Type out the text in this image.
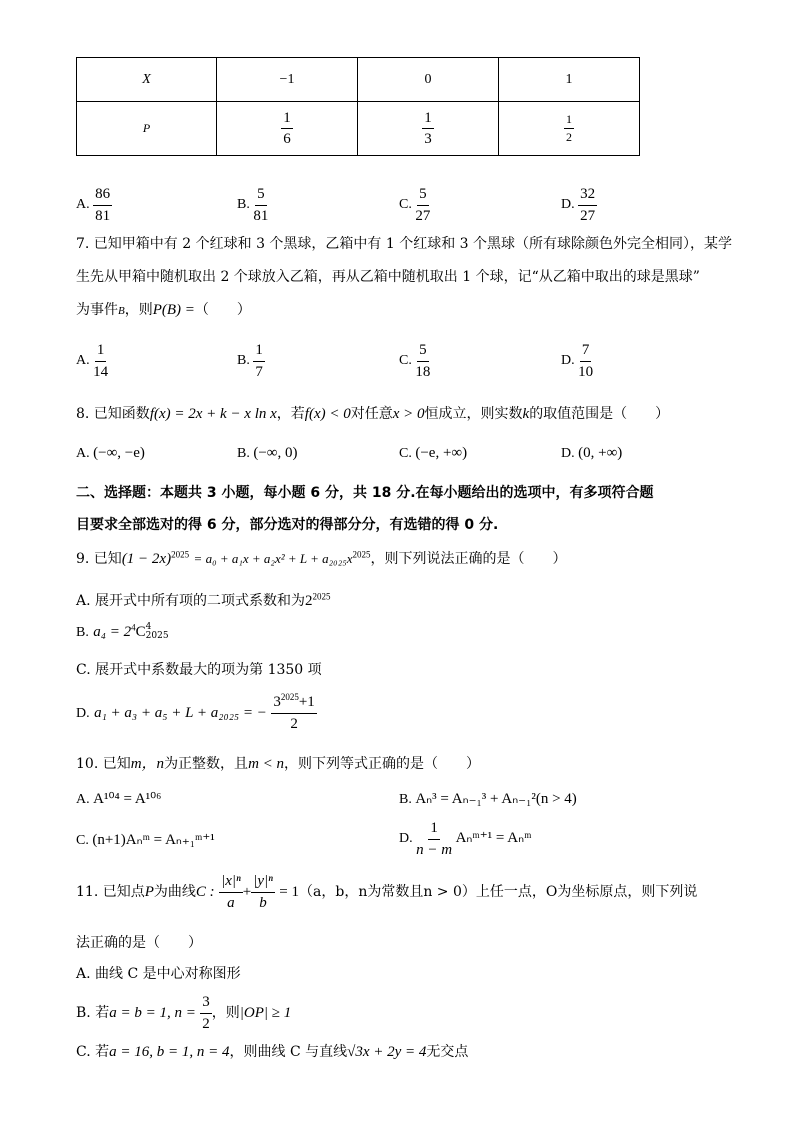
X	−1	0	1
P	$\frac{1}{6}$	$\frac{1}{3}$	$\frac{1}{2}$
A. $\frac{86}{81}$	B. $\frac{5}{81}$	C. $\frac{5}{27}$	D. $\frac{32}{27}$
7. 已知甲箱中有 2 个红球和 3 个黑球，乙箱中有 1 个红球和 3 个黑球（所有球除颜色外完全相同），某学
生先从甲箱中随机取出 2 个球放入乙箱，再从乙箱中随机取出 1 个球，记“从乙箱中取出的球是黑球”
为事件B，则P(B) =（　　）
A. $\frac{1}{14}$	B. $\frac{1}{7}$	C. $\frac{5}{18}$	D. $\frac{7}{10}$
8. 已知函数f(x) = 2x + k − x ln x，若f(x) < 0对任意x > 0恒成立，则实数k的取值范围是（　　）
A. (−∞, −e)	B. (−∞, 0)	C. (−e, +∞)	D. (0, +∞)
二、选择题：本题共 3 小题，每小题 6 分，共 18 分.在每小题给出的选项中，有多项符合题
目要求全部选对的得 6 分，部分选对的得部分分，有选错的得 0 分.
9. 已知$(1 - 2x)^{2025} = a_0 + a_1x + a_2x^2 + L + a_{2025}x^{2025}$，则下列说法正确的是（　　）
A. 展开式中所有项的二项式系数和为$2^{2025}$
B. $a_4 = 2^4C$ 4
2025
C. 展开式中系数最大的项为第 1350 项
D. a₁ + a₃ + a₅ + L + a₂₀₂₅ = − $\frac{3^{2025}+1}{2}$
10. 已知m，n为正整数，且m < n，则下列等式正确的是（　　）
A. A¹⁰⁴ = A¹⁰⁶	B. Aₙ³ = Aₙ₋₁³ + Aₙ₋₁²(n > 4)
C. (n+1)Aₙᵐ = Aₙ₊₁ᵐ⁺¹	D. $\frac{1}{n - m}$ Aₙᵐ⁺¹ = Aₙᵐ
11. 已知点P为曲线C : $\frac{\text{|x|ⁿ}}{a} + \frac{\text{|y|ⁿ}}{b} = 1(a$，b，n为常数且n > 0）上任一点，O为坐标原点，则下列说
法正确的是（　　）
A. 曲线 C 是中心对称图形
B. 若a = b = 1, $n = \frac{3}{2}$ ，则|OP| ≥ 1
C. 若a = 16, b = 1, n = 4，则曲线 C 与直线√3x + 2y = 4无交点
